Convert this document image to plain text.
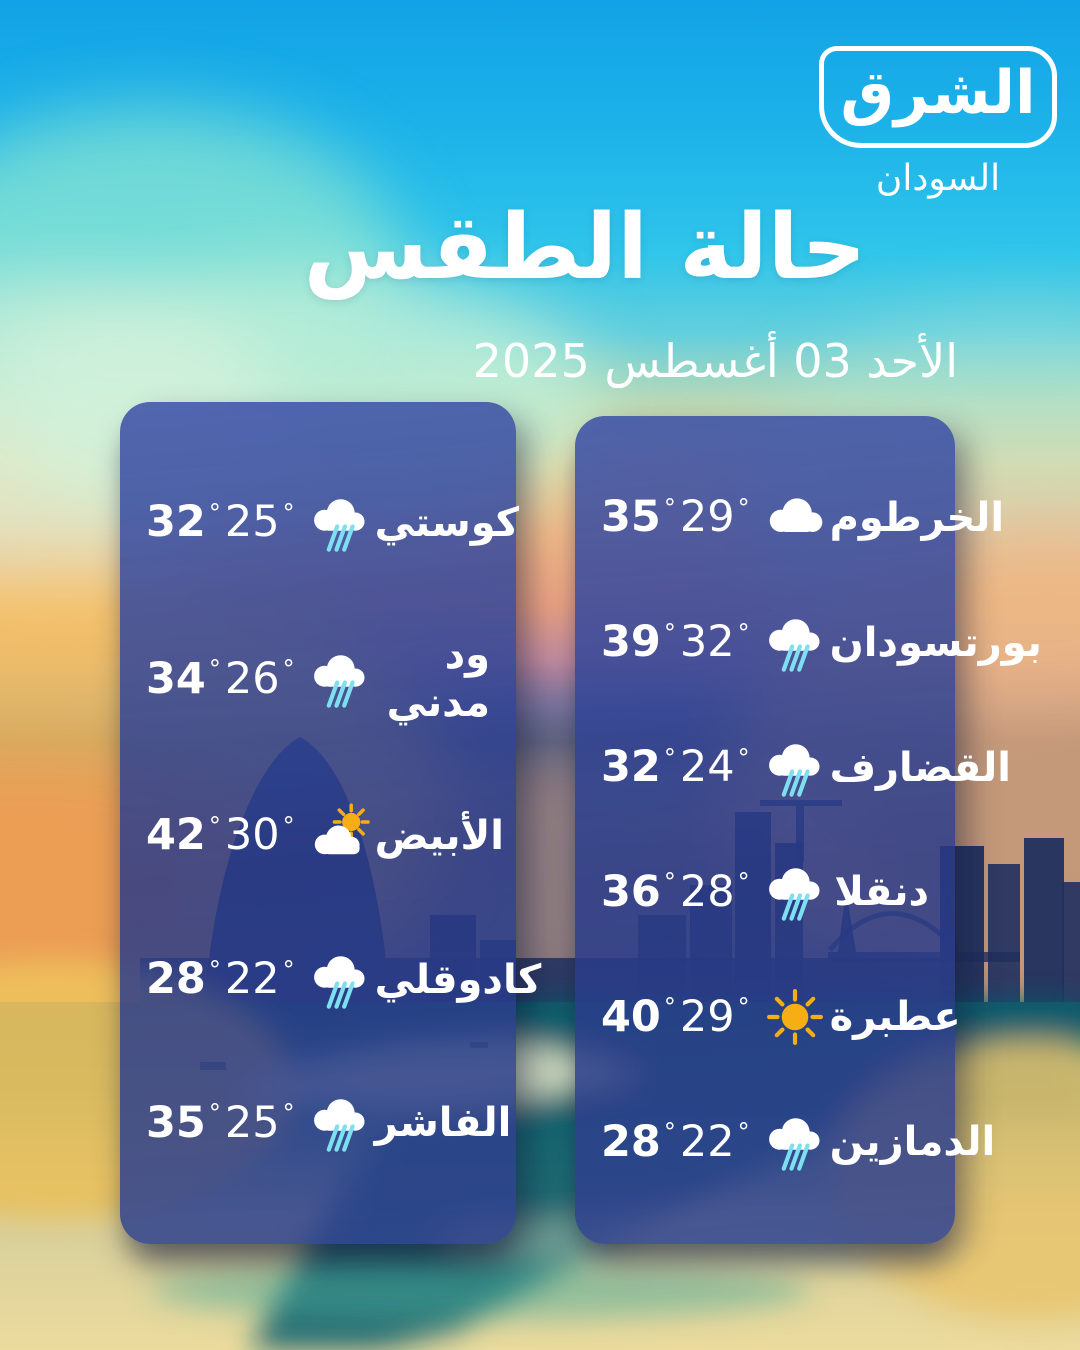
الشرق
السودان
حالة الطقس
الأحد 03 أغسطس 2025
32 ° 25 ° كوستي
34 ° 26 °	ود مدني
42 ° 30 ° الأبيض
28 ° 22 ° كادوقلي
35 ° 25 ° الفاشر
35 ° 29 ° الخرطوم
39 ° 32 ° بورتسودان
32 ° 24 ° القضارف
36 ° 28 ° دنقلا
40 ° 29 ° عطبرة
28 ° 22 ° الدمازين
